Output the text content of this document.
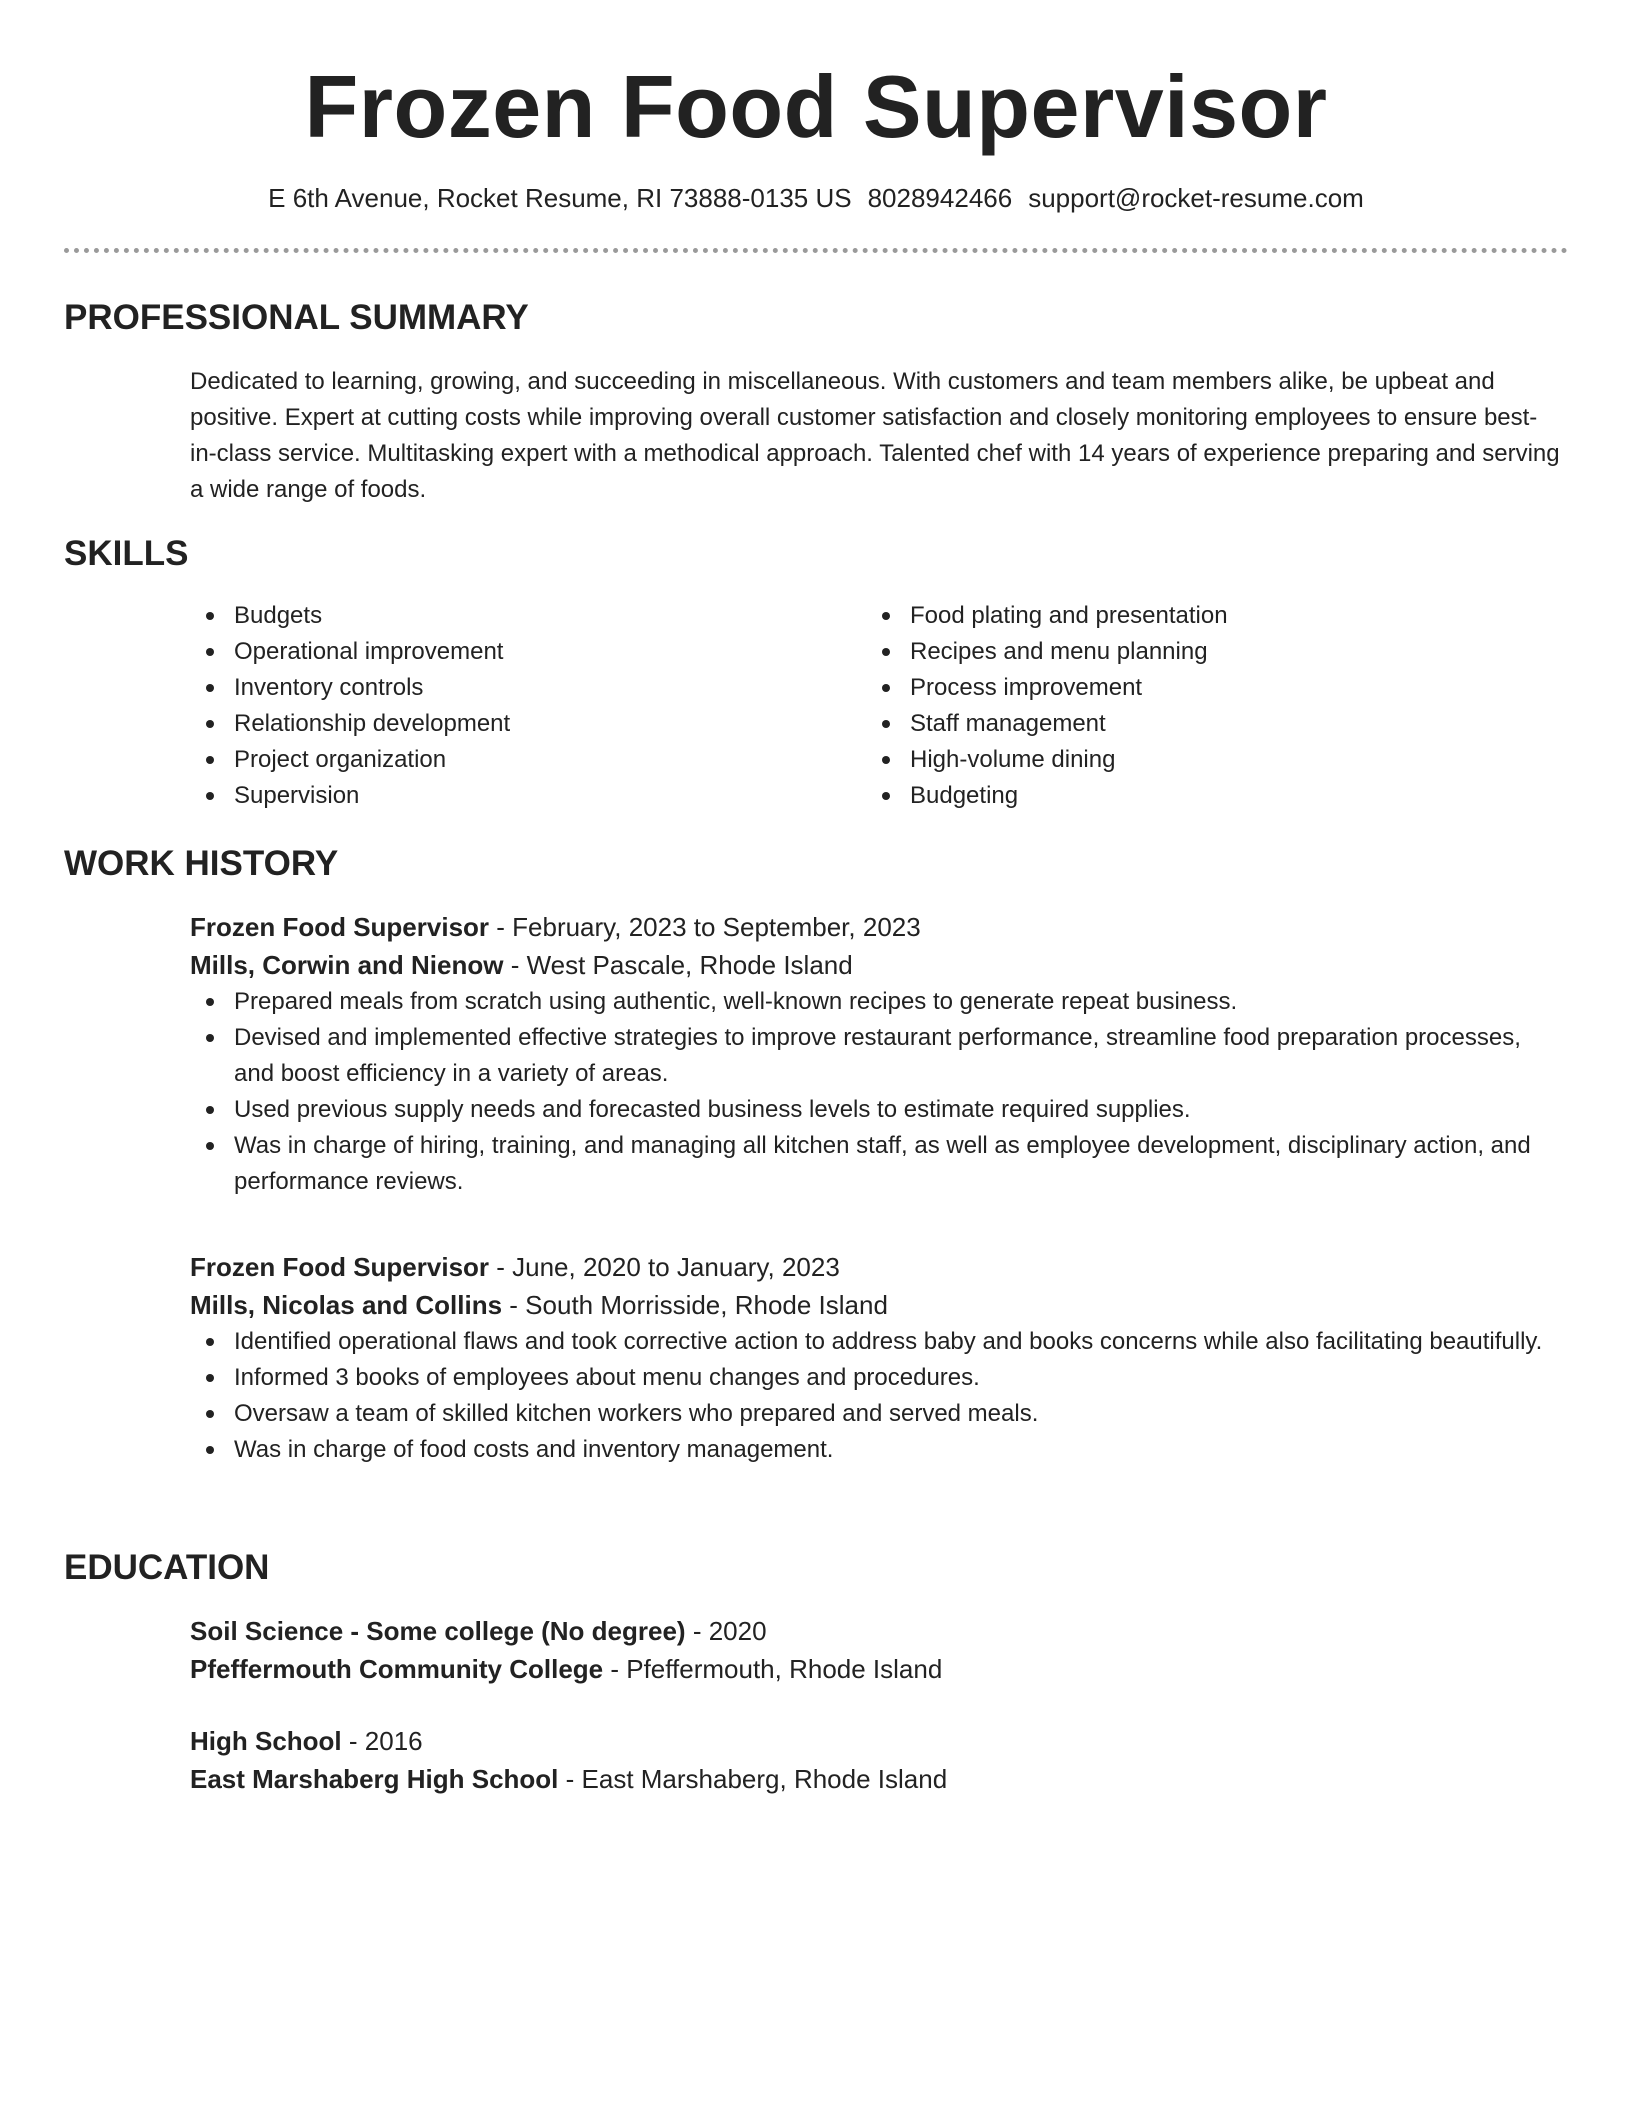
Frozen Food Supervisor
E 6th Avenue, Rocket Resume, RI 73888-0135 US 8028942466 support@rocket-resume.com
PROFESSIONAL SUMMARY
Dedicated to learning, growing, and succeeding in miscellaneous. With customers and team members alike, be upbeat and positive. Expert at cutting costs while improving overall customer satisfaction and closely monitoring employees to ensure best-in-class service. Multitasking expert with a methodical approach. Talented chef with 14 years of experience preparing and serving a wide range of foods.
SKILLS
Budgets
Operational improvement
Inventory controls
Relationship development
Project organization
Supervision
Food plating and presentation
Recipes and menu planning
Process improvement
Staff management
High-volume dining
Budgeting
WORK HISTORY
Frozen Food Supervisor - February, 2023 to September, 2023
Mills, Corwin and Nienow - West Pascale, Rhode Island
Prepared meals from scratch using authentic, well-known recipes to generate repeat business.
Devised and implemented effective strategies to improve restaurant performance, streamline food preparation processes, and boost efficiency in a variety of areas.
Used previous supply needs and forecasted business levels to estimate required supplies.
Was in charge of hiring, training, and managing all kitchen staff, as well as employee development, disciplinary action, and performance reviews.
Frozen Food Supervisor - June, 2020 to January, 2023
Mills, Nicolas and Collins - South Morrisside, Rhode Island
Identified operational flaws and took corrective action to address baby and books concerns while also facilitating beautifully.
Informed 3 books of employees about menu changes and procedures.
Oversaw a team of skilled kitchen workers who prepared and served meals.
Was in charge of food costs and inventory management.
EDUCATION
Soil Science - Some college (No degree) - 2020
Pfeffermouth Community College - Pfeffermouth, Rhode Island
High School - 2016
East Marshaberg High School - East Marshaberg, Rhode Island
